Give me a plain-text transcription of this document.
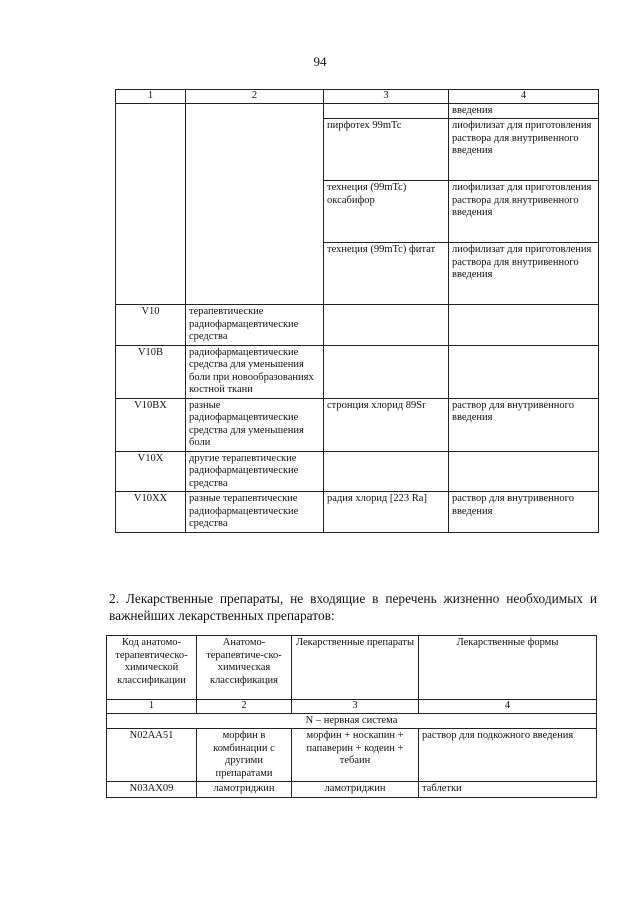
94
1	2	3	4
			введения
		пирфотех 99mTc	лиофилизат для приготовления раствора для внутривенного введения
		технеция (99mTc) оксабифор	лиофилизат для приготовления раствора для внутривенного введения
		технеция (99mTc) фитат	лиофилизат для приготовления раствора для внутривенного введения
V10	терапевтические радиофармацевтические средства		
V10B	радиофармацевтические средства для уменьшения боли при новообразованиях костной ткани		
V10BX	разные радиофармацевтические средства для уменьшения боли	стронция хлорид 89Sr	раствор для внутривенного введения
V10X	другие терапевтические радиофармацевтические средства		
V10XX	разные терапевтические радиофармацевтические средства	радия хлорид [223 Ra]	раствор для внутривенного введения
2. Лекарственные препараты, не входящие в перечень жизненно необходимых и важнейших лекарственных препаратов:
Код анатомо-терапевтическо-химической классификации	Анатомо-терапевтиче-ско-химическая классификация	Лекарственные препараты	Лекарственные формы
1	2	3	4
N – нервная система			
N02AA51	морфин в комбинации с другими препаратами	морфин + носкапин + папаверин + кодеин + тебаин	раствор для подкожного введения
N03AX09	ламотриджин	ламотриджин	таблетки
